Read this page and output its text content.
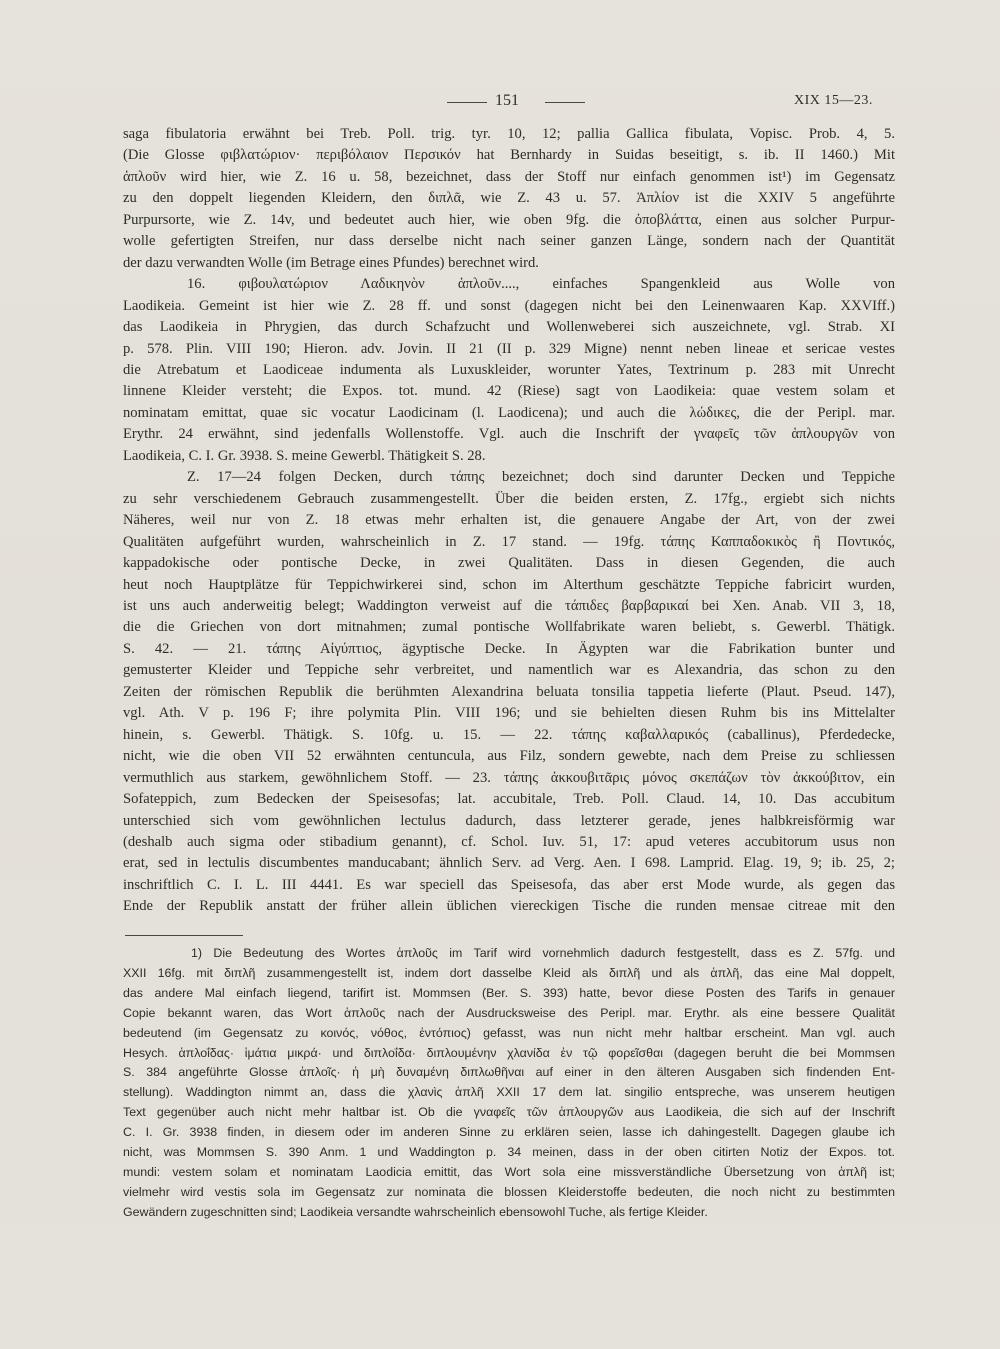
151	XIX 15—23.

saga fibulatoria erwähnt bei Treb. Poll. trig. tyr. 10, 12; pallia Gallica fibulata, Vopisc. Prob. 4, 5.

(Die Glosse φιβλατώριον· περιβόλαιον Περσικόν hat Bernhardy in Suidas beseitigt, s. ib. II 1460.) Mit

ἁπλοῦν wird hier, wie Z. 16 u. 58, bezeichnet, dass der Stoff nur einfach genommen ist¹) im Gegensatz

zu den doppelt liegenden Kleidern, den διπλᾶ, wie Z. 43 u. 57. Ἁπλίον ist die XXIV 5 angeführte

Purpursorte, wie Z. 14v, und bedeutet auch hier, wie oben 9fg. die ὀποβλάττα, einen aus solcher Purpur-

wolle gefertigten Streifen, nur dass derselbe nicht nach seiner ganzen Länge, sondern nach der Quantität

der dazu verwandten Wolle (im Betrage eines Pfundes) berechnet wird.

16. φιβουλατώριον Λαδικηνὸν ἁπλοῦν...., einfaches Spangenkleid aus Wolle von

Laodikeia. Gemeint ist hier wie Z. 28 ff. und sonst (dagegen nicht bei den Leinenwaaren Kap. XXVIff.)

das Laodikeia in Phrygien, das durch Schafzucht und Wollenweberei sich auszeichnete, vgl. Strab. XI

p. 578. Plin. VIII 190; Hieron. adv. Jovin. II 21 (II p. 329 Migne) nennt neben lineae et sericae vestes

die Atrebatum et Laodiceae indumenta als Luxuskleider, worunter Yates, Textrinum p. 283 mit Unrecht

linnene Kleider versteht; die Expos. tot. mund. 42 (Riese) sagt von Laodikeia: quae vestem solam et

nominatam emittat, quae sic vocatur Laodicinam (l. Laodicena); und auch die λώδικες, die der Peripl. mar.

Erythr. 24 erwähnt, sind jedenfalls Wollenstoffe. Vgl. auch die Inschrift der γναφεῖς τῶν ἁπλουργῶν von

Laodikeia, C. I. Gr. 3938. S. meine Gewerbl. Thätigkeit S. 28.

Z. 17—24 folgen Decken, durch τάπης bezeichnet; doch sind darunter Decken und Teppiche

zu sehr verschiedenem Gebrauch zusammengestellt. Über die beiden ersten, Z. 17fg., ergiebt sich nichts

Näheres, weil nur von Z. 18 etwas mehr erhalten ist, die genauere Angabe der Art, von der zwei

Qualitäten aufgeführt wurden, wahrscheinlich in Z. 17 stand. — 19fg. τάπης Καππαδοκικὸς ἢ Ποντικός,

kappadokische oder pontische Decke, in zwei Qualitäten. Dass in diesen Gegenden, die auch

heut noch Hauptplätze für Teppichwirkerei sind, schon im Alterthum geschätzte Teppiche fabricirt wurden,

ist uns auch anderweitig belegt; Waddington verweist auf die τάπιδες βαρβαρικαί bei Xen. Anab. VII 3, 18,

die die Griechen von dort mitnahmen; zumal pontische Wollfabrikate waren beliebt, s. Gewerbl. Thätigk.

S. 42. — 21. τάπης Αἰγύπτιος, ägyptische Decke. In Ägypten war die Fabrikation bunter und

gemusterter Kleider und Teppiche sehr verbreitet, und namentlich war es Alexandria, das schon zu den

Zeiten der römischen Republik die berühmten Alexandrina beluata tonsilia tappetia lieferte (Plaut. Pseud. 147),

vgl. Ath. V p. 196 F; ihre polymita Plin. VIII 196; und sie behielten diesen Ruhm bis ins Mittelalter

hinein, s. Gewerbl. Thätigk. S. 10fg. u. 15. — 22. τάπης καβαλλαρικός (caballinus), Pferdedecke,

nicht, wie die oben VII 52 erwähnten centuncula, aus Filz, sondern gewebte, nach dem Preise zu schliessen

vermuthlich aus starkem, gewöhnlichem Stoff. — 23. τάπης ἀκκουβιτᾶρις μόνος σκεπάζων τὸν ἀκκούβιτον, ein

Sofateppich, zum Bedecken der Speisesofas; lat. accubitale, Treb. Poll. Claud. 14, 10. Das accubitum

unterschied sich vom gewöhnlichen lectulus dadurch, dass letzterer gerade, jenes halbkreisförmig war

(deshalb auch sigma oder stibadium genannt), cf. Schol. Iuv. 51, 17: apud veteres accubitorum usus non

erat, sed in lectulis discumbentes manducabant; ähnlich Serv. ad Verg. Aen. I 698. Lamprid. Elag. 19, 9; ib. 25, 2;

inschriftlich C. I. L. III 4441. Es war speciell das Speisesofa, das aber erst Mode wurde, als gegen das

Ende der Republik anstatt der früher allein üblichen viereckigen Tische die runden mensae citreae mit den

1) Die Bedeutung des Wortes ἁπλοῦς im Tarif wird vornehmlich dadurch festgestellt, dass es Z. 57fg. und

XXII 16fg. mit διπλῆ zusammengestellt ist, indem dort dasselbe Kleid als διπλῆ und als ἁπλῆ, das eine Mal doppelt,

das andere Mal einfach liegend, tarifirt ist. Mommsen (Ber. S. 393) hatte, bevor diese Posten des Tarifs in genauer

Copie bekannt waren, das Wort ἁπλοῦς nach der Ausdrucksweise des Peripl. mar. Erythr. als eine bessere Qualität

bedeutend (im Gegensatz zu κοινός, νόθος, ἐντόπιος) gefasst, was nun nicht mehr haltbar erscheint. Man vgl. auch

Hesych. ἁπλοΐδας· ἱμάτια μικρά· und διπλοΐδα· διπλουμένην χλανίδα ἐν τῷ φορεῖσθαι (dagegen beruht die bei Mommsen

S. 384 angeführte Glosse ἁπλοῖς· ἡ μὴ δυναμένη διπλωθῆναι auf einer in den älteren Ausgaben sich findenden Ent-

stellung). Waddington nimmt an, dass die χλανὶς ἁπλῆ XXII 17 dem lat. singilio entspreche, was unserem heutigen

Text gegenüber auch nicht mehr haltbar ist. Ob die γναφεῖς τῶν ἁπλουργῶν aus Laodikeia, die sich auf der Inschrift

C. I. Gr. 3938 finden, in diesem oder im anderen Sinne zu erklären seien, lasse ich dahingestellt. Dagegen glaube ich

nicht, was Mommsen S. 390 Anm. 1 und Waddington p. 34 meinen, dass in der oben citirten Notiz der Expos. tot.

mundi: vestem solam et nominatam Laodicia emittit, das Wort sola eine missverständliche Übersetzung von ἁπλῆ ist;

vielmehr wird vestis sola im Gegensatz zur nominata die blossen Kleiderstoffe bedeuten, die noch nicht zu bestimmten

Gewändern zugeschnitten sind; Laodikeia versandte wahrscheinlich ebensowohl Tuche, als fertige Kleider.
